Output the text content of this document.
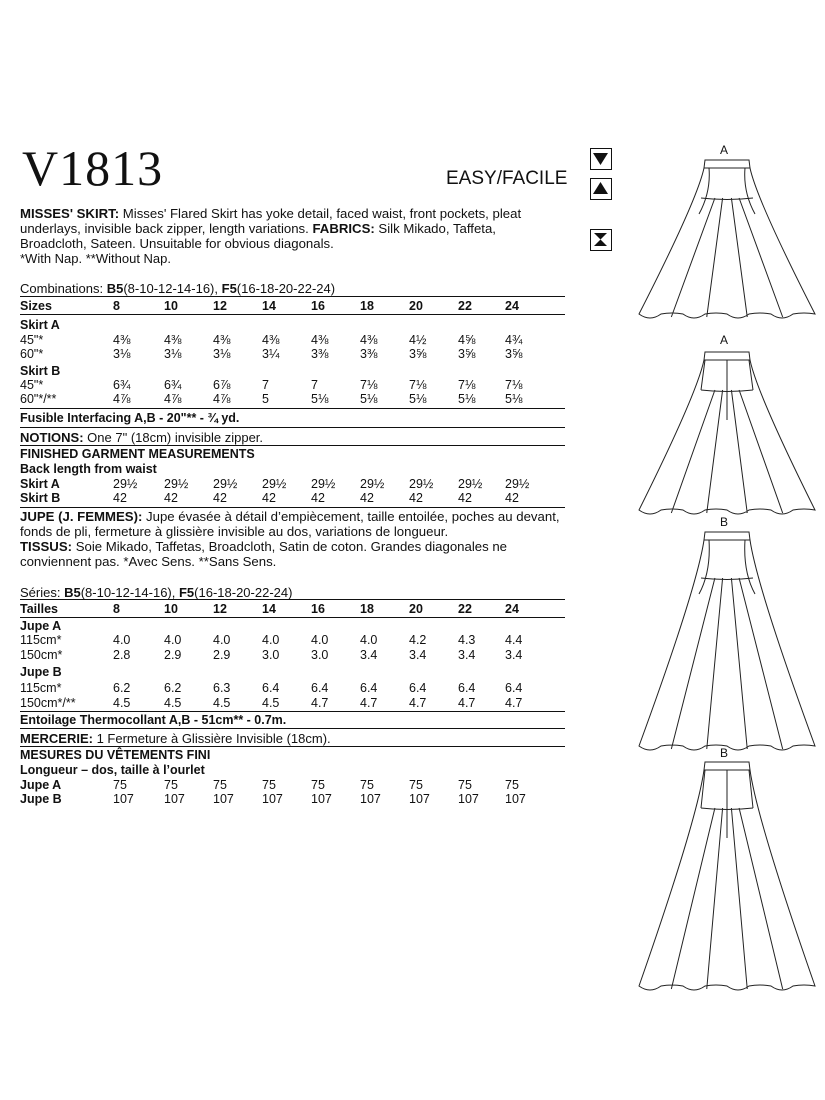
V1813	EASY/FACILE
MISSES' SKIRT: Misses' Flared Skirt has yoke detail, faced waist, front pockets, pleat underlays, invisible back zipper, length variations. FABRICS: Silk Mikado, Taffeta, Broadcloth, Sateen. Unsuitable for obvious diagonals.
*With Nap. **Without Nap.
Combinations: B5(8-10-12-14-16), F5(16-18-20-22-24)
Sizes	8	10	12	14	16	18	20	22	24
Skirt A
45"*	4⅜	4⅜	4⅜	4⅜	4⅜	4⅜	4½	4⅝	4¾
60"*	3⅛	3⅛	3⅛	3¼	3⅜	3⅜	3⅝	3⅝	3⅝
Skirt B
45"*	6¾	6¾	6⅞	7	7	7⅛	7⅛	7⅛	7⅛
60"*/**	4⅞	4⅞	4⅞	5	5⅛	5⅛	5⅛	5⅛	5⅛
Fusible Interfacing A,B - 20"** - ¾ yd.
NOTIONS: One 7" (18cm) invisible zipper.
FINISHED GARMENT MEASUREMENTS
Back length from waist
Skirt A	29½	29½	29½	29½	29½	29½	29½	29½	29½
Skirt B	42	42	42	42	42	42	42	42	42
JUPE (J. FEMMES): Jupe évasée à détail d’empiècement, taille entoilée, poches au devant, fonds de pli, fermeture à glissière invisible au dos, variations de longueur.
TISSUS: Soie Mikado, Taffetas, Broadcloth, Satin de coton. Grandes diagonales ne conviennent pas. *Avec Sens. **Sans Sens.
Séries: B5(8-10-12-14-16), F5(16-18-20-22-24)
Tailles	8	10	12	14	16	18	20	22	24
Jupe A
115cm*	4.0	4.0	4.0	4.0	4.0	4.0	4.2	4.3	4.4
150cm*	2.8	2.9	2.9	3.0	3.0	3.4	3.4	3.4	3.4
Jupe B
115cm*	6.2	6.2	6.3	6.4	6.4	6.4	6.4	6.4	6.4
150cm*/**	4.5	4.5	4.5	4.5	4.7	4.7	4.7	4.7	4.7
Entoilage Thermocollant A,B - 51cm** - 0.7m.
MERCERIE: 1 Fermeture à Glissière Invisible (18cm).
MESURES DU VÊTEMENTS FINI
Longueur – dos, taille à l’ourlet
Jupe A	75	75	75	75	75	75	75	75	75
Jupe B	107	107	107	107	107	107	107	107	107
A
A
B
B
